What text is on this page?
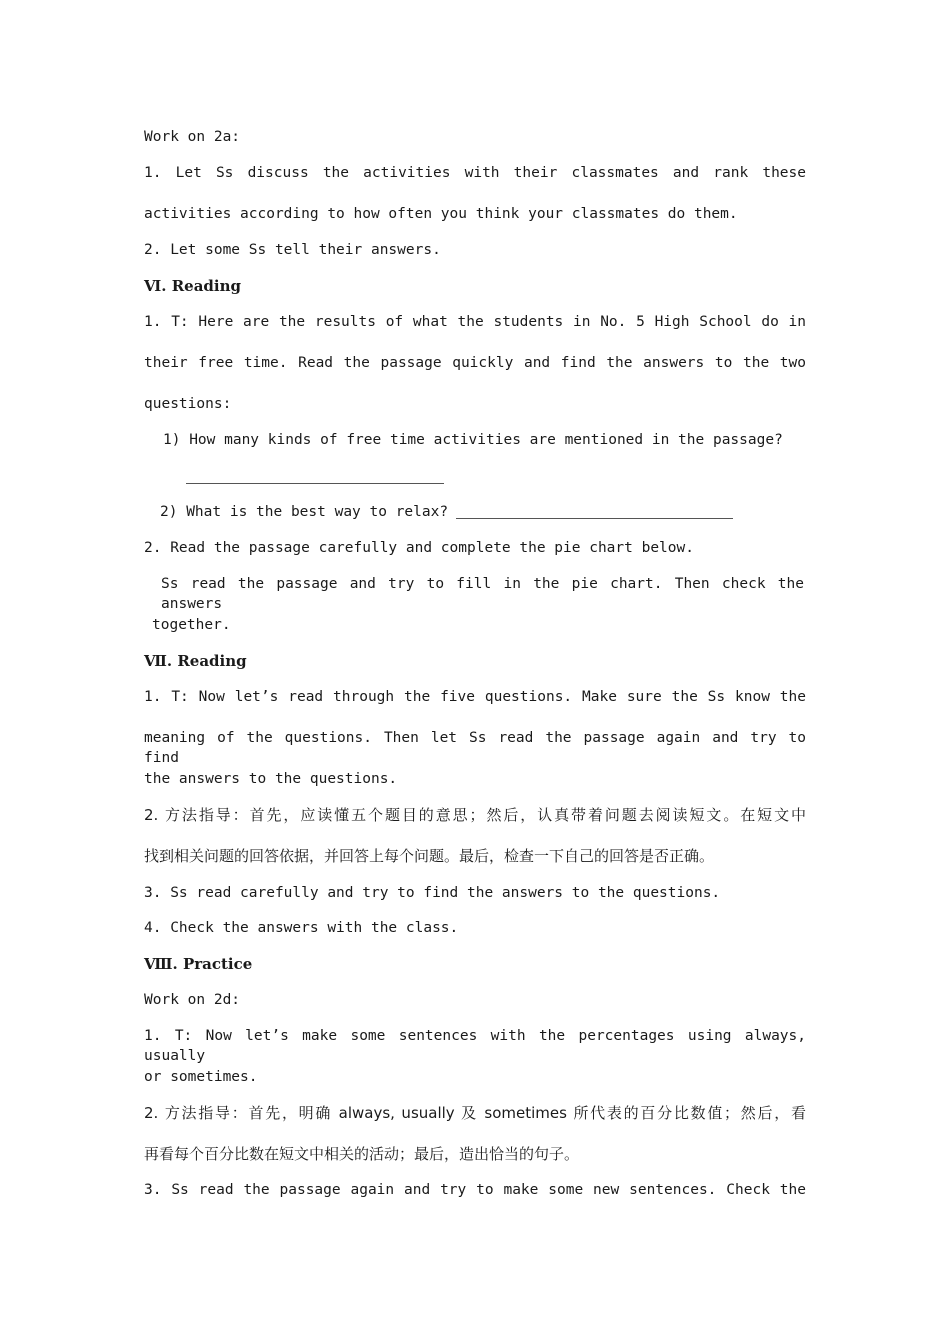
Work on 2a:
1. Let Ss discuss the activities with their classmates and rank these
activities according to how often you think your classmates do them.
2. Let some Ss tell their answers.
Ⅵ. Reading
1. T: Here are the results of what the students in No. 5 High School do in
their free time. Read the passage quickly and find the answers to the two
questions:
1) How many kinds of free time activities are mentioned in the passage?
2) What is the best way to relax?
2. Read the passage carefully and complete the pie chart below.
Ss read the passage and try to fill in the pie chart. Then check the answers
together.
Ⅶ. Reading
1. T: Now let’s read through the five questions. Make sure the Ss know the
meaning of the questions. Then let Ss read the passage again and try to find
the answers to the questions.
2. 方法指导：首先，应读懂五个题目的意思；然后，认真带着问题去阅读短文。在短文中
找到相关问题的回答依据，并回答上每个问题。最后，检查一下自己的回答是否正确。
3. Ss read carefully and try to find the answers to the questions.
4. Check the answers with the class.
Ⅷ. Practice
Work on 2d:
1. T: Now let’s make some sentences with the percentages using always, usually
or sometimes.
2. 方法指导：首先，明确 always, usually 及 sometimes 所代表的百分比数值；然后，看
再看每个百分比数在短文中相关的活动；最后，造出恰当的句子。
3. Ss read the passage again and try to make some new sentences. Check the
